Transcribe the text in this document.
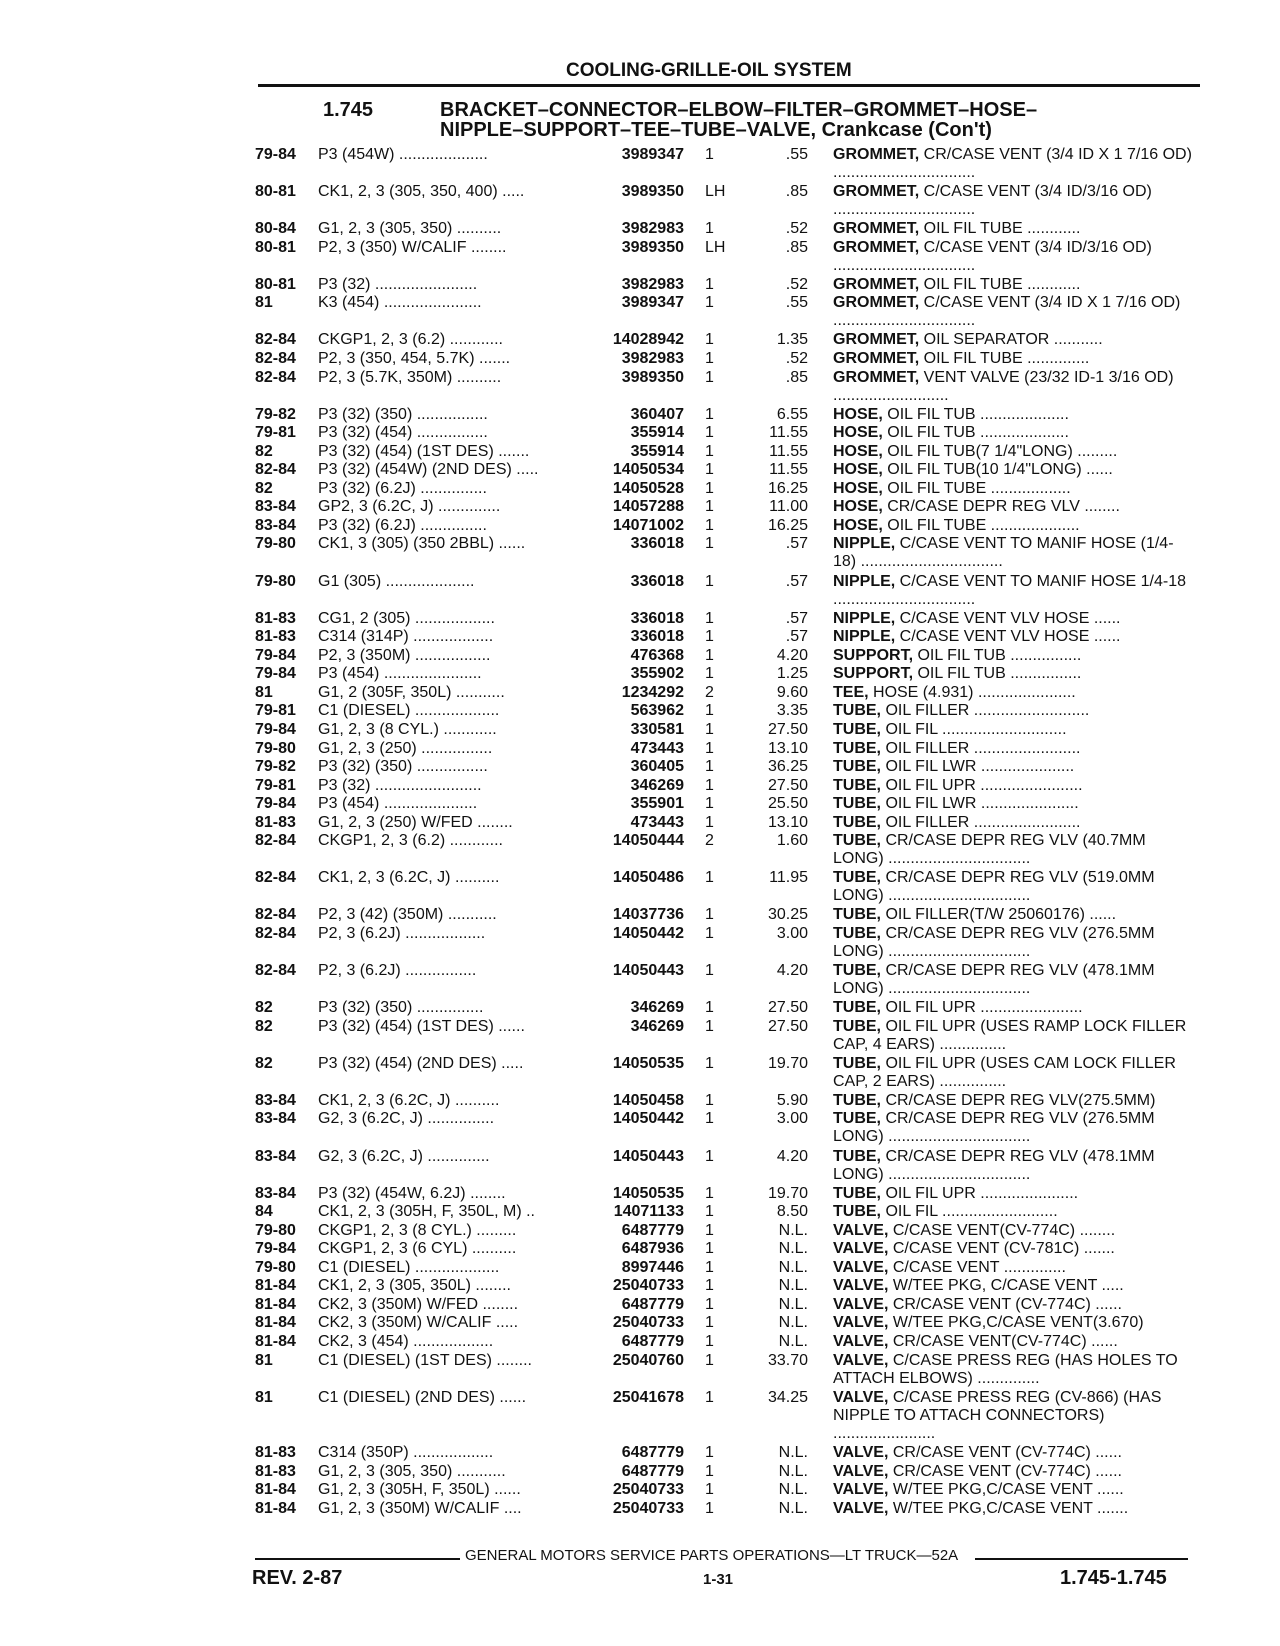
COOLING-GRILLE-OIL SYSTEM
1.745	BRACKET–CONNECTOR–ELBOW–FILTER–GROMMET–HOSE–
NIPPLE–SUPPORT–TEE–TUBE–VALVE, Crankcase (Con't)
79-84 P3 (454W) ....................	3989347 1	.55 GROMMET, CR/CASE VENT (3/4 ID X 1 7/16 OD) ................................
80-81 CK1, 2, 3 (305, 350, 400) .....	3989350 LH	.85 GROMMET, C/CASE VENT (3/4 ID/3/16 OD) ................................
80-84 G1, 2, 3 (305, 350) ..........	3982983 1	.52 GROMMET, OIL FIL TUBE ............
80-81 P2, 3 (350) W/CALIF ........	3989350 LH	.85 GROMMET, C/CASE VENT (3/4 ID/3/16 OD) ................................
80-81 P3 (32) .......................	3982983 1	.52 GROMMET, OIL FIL TUBE ............
81	K3 (454) ......................	3989347 1	.55 GROMMET, C/CASE VENT (3/4 ID X 1 7/16 OD) ................................
82-84 CKGP1, 2, 3 (6.2) ............	14028942 1	1.35 GROMMET, OIL SEPARATOR ...........
82-84 P2, 3 (350, 454, 5.7K) .......	3982983 1	.52 GROMMET, OIL FIL TUBE ..............
82-84 P2, 3 (5.7K, 350M) ..........	3989350 1	.85 GROMMET, VENT VALVE (23/32 ID-1 3/16 OD) ..........................
79-82 P3 (32) (350) ................	360407 1	6.55 HOSE, OIL FIL TUB ....................
79-81 P3 (32) (454) ................	355914 1	11.55 HOSE, OIL FIL TUB ....................
82	P3 (32) (454) (1ST DES) .......	355914 1	11.55 HOSE, OIL FIL TUB(7 1/4"LONG) .........
82-84 P3 (32) (454W) (2ND DES) .....	14050534 1	11.55 HOSE, OIL FIL TUB(10 1/4"LONG) ......
82	P3 (32) (6.2J) ...............	14050528 1	16.25 HOSE, OIL FIL TUBE ..................
83-84 GP2, 3 (6.2C, J) ..............	14057288 1	11.00 HOSE, CR/CASE DEPR REG VLV ........
83-84 P3 (32) (6.2J) ...............	14071002 1	16.25 HOSE, OIL FIL TUBE ....................
79-80 CK1, 3 (305) (350 2BBL) ......	336018 1	.57 NIPPLE, C/CASE VENT TO MANIF HOSE (1/4-18) ................................
79-80 G1 (305) ....................	336018 1	.57 NIPPLE, C/CASE VENT TO MANIF HOSE 1/4-18 ................................
81-83 CG1, 2 (305) ..................	336018 1	.57 NIPPLE, C/CASE VENT VLV HOSE ......
81-83 C314 (314P) ..................	336018 1	.57 NIPPLE, C/CASE VENT VLV HOSE ......
79-84 P2, 3 (350M) .................	476368 1	4.20 SUPPORT, OIL FIL TUB ................
79-84 P3 (454) ......................	355902 1	1.25 SUPPORT, OIL FIL TUB ................
81	G1, 2 (305F, 350L) ...........	1234292 2	9.60 TEE, HOSE (4.931) ......................
79-81 C1 (DIESEL) ...................	563962 1	3.35 TUBE, OIL FILLER ..........................
79-84 G1, 2, 3 (8 CYL.) ............	330581 1	27.50 TUBE, OIL FIL ............................
79-80 G1, 2, 3 (250) ................	473443 1	13.10 TUBE, OIL FILLER ........................
79-82 P3 (32) (350) ................	360405 1	36.25 TUBE, OIL FIL LWR .....................
79-81 P3 (32) ........................	346269 1	27.50 TUBE, OIL FIL UPR .......................
79-84 P3 (454) .....................	355901 1	25.50 TUBE, OIL FIL LWR ......................
81-83 G1, 2, 3 (250) W/FED ........	473443 1	13.10 TUBE, OIL FILLER ........................
82-84 CKGP1, 2, 3 (6.2) ............	14050444 2	1.60 TUBE, CR/CASE DEPR REG VLV (40.7MM LONG) ................................
82-84 CK1, 2, 3 (6.2C, J) ..........	14050486 1	11.95 TUBE, CR/CASE DEPR REG VLV (519.0MM LONG) ................................
82-84 P2, 3 (42) (350M) ...........	14037736 1	30.25 TUBE, OIL FILLER(T/W 25060176) ......
82-84 P2, 3 (6.2J) ..................	14050442 1	3.00 TUBE, CR/CASE DEPR REG VLV (276.5MM LONG) ................................
82-84 P2, 3 (6.2J) ................	14050443 1	4.20 TUBE, CR/CASE DEPR REG VLV (478.1MM LONG) ................................
82	P3 (32) (350) ...............	346269 1	27.50 TUBE, OIL FIL UPR .......................
82	P3 (32) (454) (1ST DES) ......	346269 1	27.50 TUBE, OIL FIL UPR (USES RAMP LOCK FILLER CAP, 4 EARS) ...............
82	P3 (32) (454) (2ND DES) .....	14050535 1	19.70 TUBE, OIL FIL UPR (USES CAM LOCK FILLER CAP, 2 EARS) ...............
83-84 CK1, 2, 3 (6.2C, J) ..........	14050458 1	5.90 TUBE, CR/CASE DEPR REG VLV(275.5MM)
83-84 G2, 3 (6.2C, J) ...............	14050442 1	3.00 TUBE, CR/CASE DEPR REG VLV (276.5MM LONG) ................................
83-84 G2, 3 (6.2C, J) ..............	14050443 1	4.20 TUBE, CR/CASE DEPR REG VLV (478.1MM LONG) ................................
83-84 P3 (32) (454W, 6.2J) ........	14050535 1	19.70 TUBE, OIL FIL UPR ......................
84	CK1, 2, 3 (305H, F, 350L, M) ..	14071133 1	8.50 TUBE, OIL FIL ..........................
79-80 CKGP1, 2, 3 (8 CYL.) .........	6487779 1	N.L. VALVE, C/CASE VENT(CV-774C) ........
79-84 CKGP1, 2, 3 (6 CYL) ..........	6487936 1	N.L. VALVE, C/CASE VENT (CV-781C) .......
79-80 C1 (DIESEL) ...................	8997446 1	N.L. VALVE, C/CASE VENT ..............
81-84 CK1, 2, 3 (305, 350L) ........	25040733 1	N.L. VALVE, W/TEE PKG, C/CASE VENT .....
81-84 CK2, 3 (350M) W/FED ........	6487779 1	N.L. VALVE, CR/CASE VENT (CV-774C) ......
81-84 CK2, 3 (350M) W/CALIF .....	25040733 1	N.L. VALVE, W/TEE PKG,C/CASE VENT(3.670)
81-84 CK2, 3 (454) ..................	6487779 1	N.L. VALVE, CR/CASE VENT(CV-774C) ......
81	C1 (DIESEL) (1ST DES) ........	25040760 1	33.70 VALVE, C/CASE PRESS REG (HAS HOLES TO ATTACH ELBOWS) ..............
81	C1 (DIESEL) (2ND DES) ......	25041678 1	34.25 VALVE, C/CASE PRESS REG (CV-866) (HAS NIPPLE TO ATTACH CONNECTORS) .......................
81-83 C314 (350P) ..................	6487779 1	N.L. VALVE, CR/CASE VENT (CV-774C) ......
81-83 G1, 2, 3 (305, 350) ...........	6487779 1	N.L. VALVE, CR/CASE VENT (CV-774C) ......
81-84 G1, 2, 3 (305H, F, 350L) ......	25040733 1	N.L. VALVE, W/TEE PKG,C/CASE VENT ......
81-84 G1, 2, 3 (350M) W/CALIF ....	25040733 1	N.L. VALVE, W/TEE PKG,C/CASE VENT .......
GENERAL MOTORS SERVICE PARTS OPERATIONS—LT TRUCK—52A
REV. 2-87	1-31	1.745-1.745
